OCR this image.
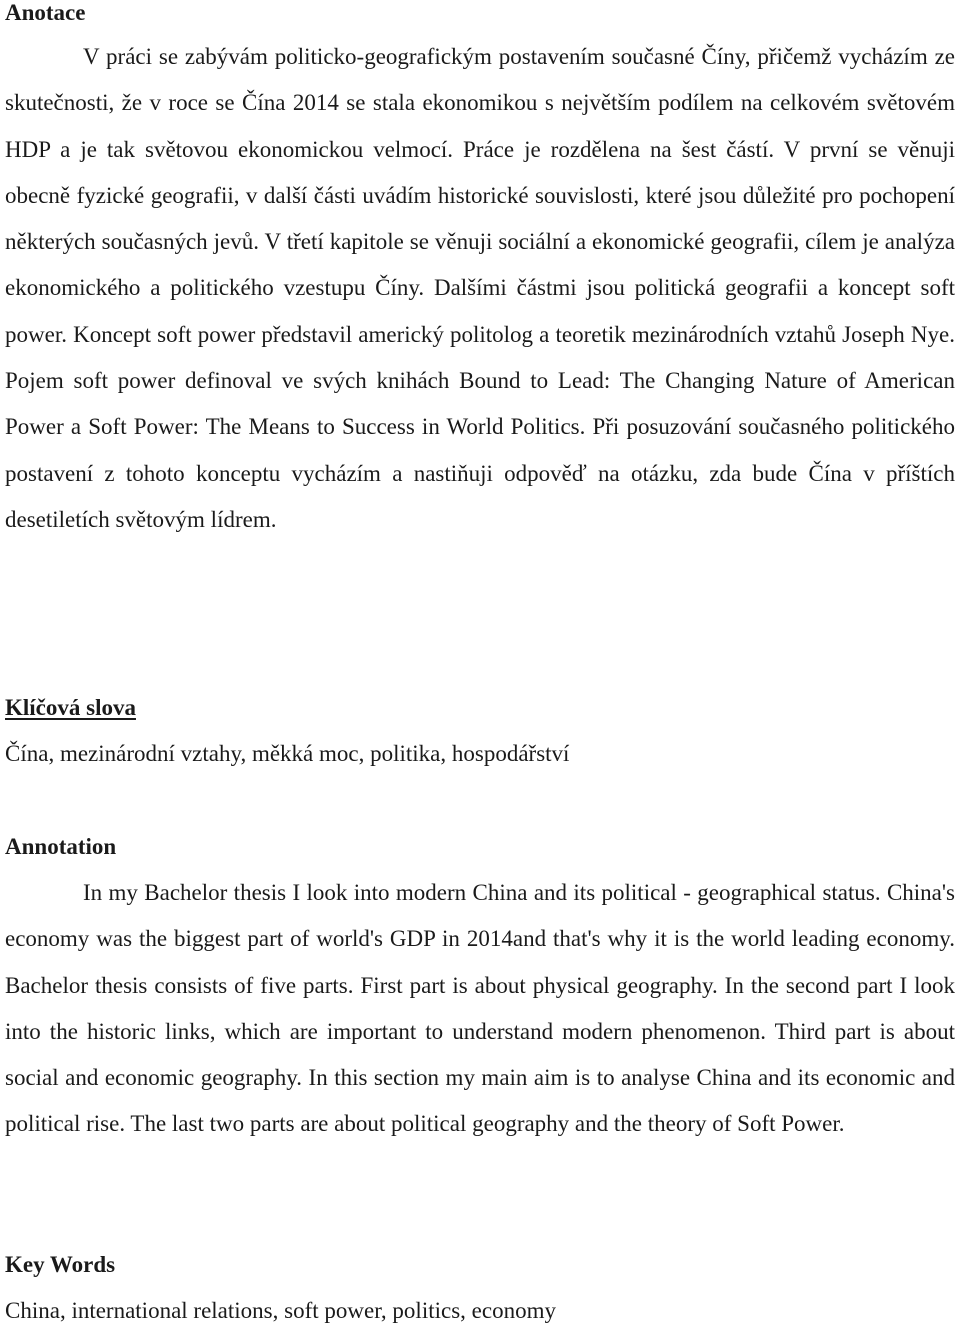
Anotace

V práci se zabývám politicko-geografickým postavením současné Číny, přičemž vycházím ze skutečnosti, že v roce se Čína 2014 se stala ekonomikou s největším podílem na celkovém světovém HDP a je tak světovou ekonomickou velmocí. Práce je rozdělena na šest částí. V první se věnuji obecně fyzické geografii, v další části uvádím historické souvislosti, které jsou důležité pro pochopení některých současných jevů. V třetí kapitole se věnuji sociální a ekonomické geografii, cílem je analýza ekonomického a politického vzestupu Číny. Dalšími částmi jsou politická geografii a koncept soft power. Koncept soft power představil americký politolog a teoretik mezinárodních vztahů Joseph Nye. Pojem soft power definoval ve svých knihách Bound to Lead: The Changing Nature of American Power a Soft Power: The Means to Success in World Politics. Při posuzování současného politického postavení z tohoto konceptu vycházím a nastiňuji odpověď na otázku, zda bude Čína v příštích desetiletích světovým lídrem.

Klíčová slova

Čína, mezinárodní vztahy, měkká moc, politika, hospodářství

Annotation

In my Bachelor thesis I look into modern China and its political - geographical status. China's economy was the biggest part of world's GDP in 2014and that's why it is the world leading economy. Bachelor thesis consists of five parts. First part is about physical geography. In the second part I look into the historic links, which are important to understand modern phenomenon. Third part is about social and economic geography. In this section my main aim is to analyse China and its economic and political rise. The last two parts are about political geography and the theory of Soft Power.

Key Words

China, international relations, soft power, politics, economy
